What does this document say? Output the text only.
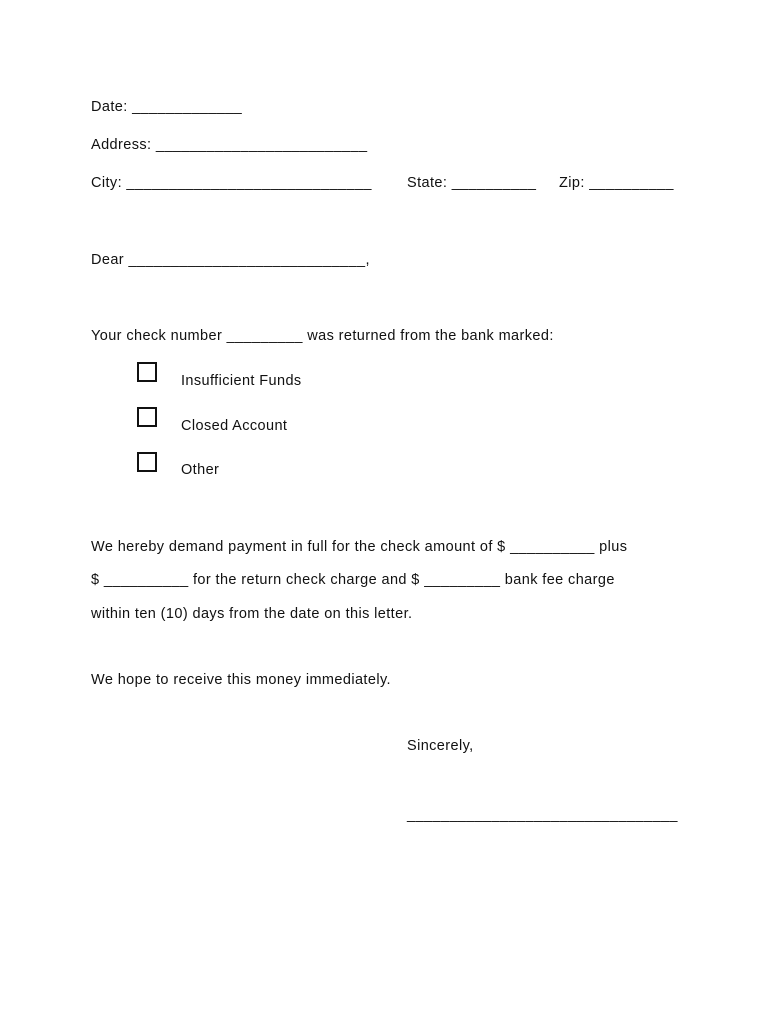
Date: _____________
Address: _________________________
City: _____________________________ State: __________ Zip: __________
Dear ____________________________,
Your check number _________ was returned from the bank marked:
Insufficient Funds
Closed Account
Other
We hereby demand payment in full for the check amount of $ __________ plus
$ __________ for the return check charge and $ _________ bank fee charge
within ten (10) days from the date on this letter.
We hope to receive this money immediately.
Sincerely,
________________________________
